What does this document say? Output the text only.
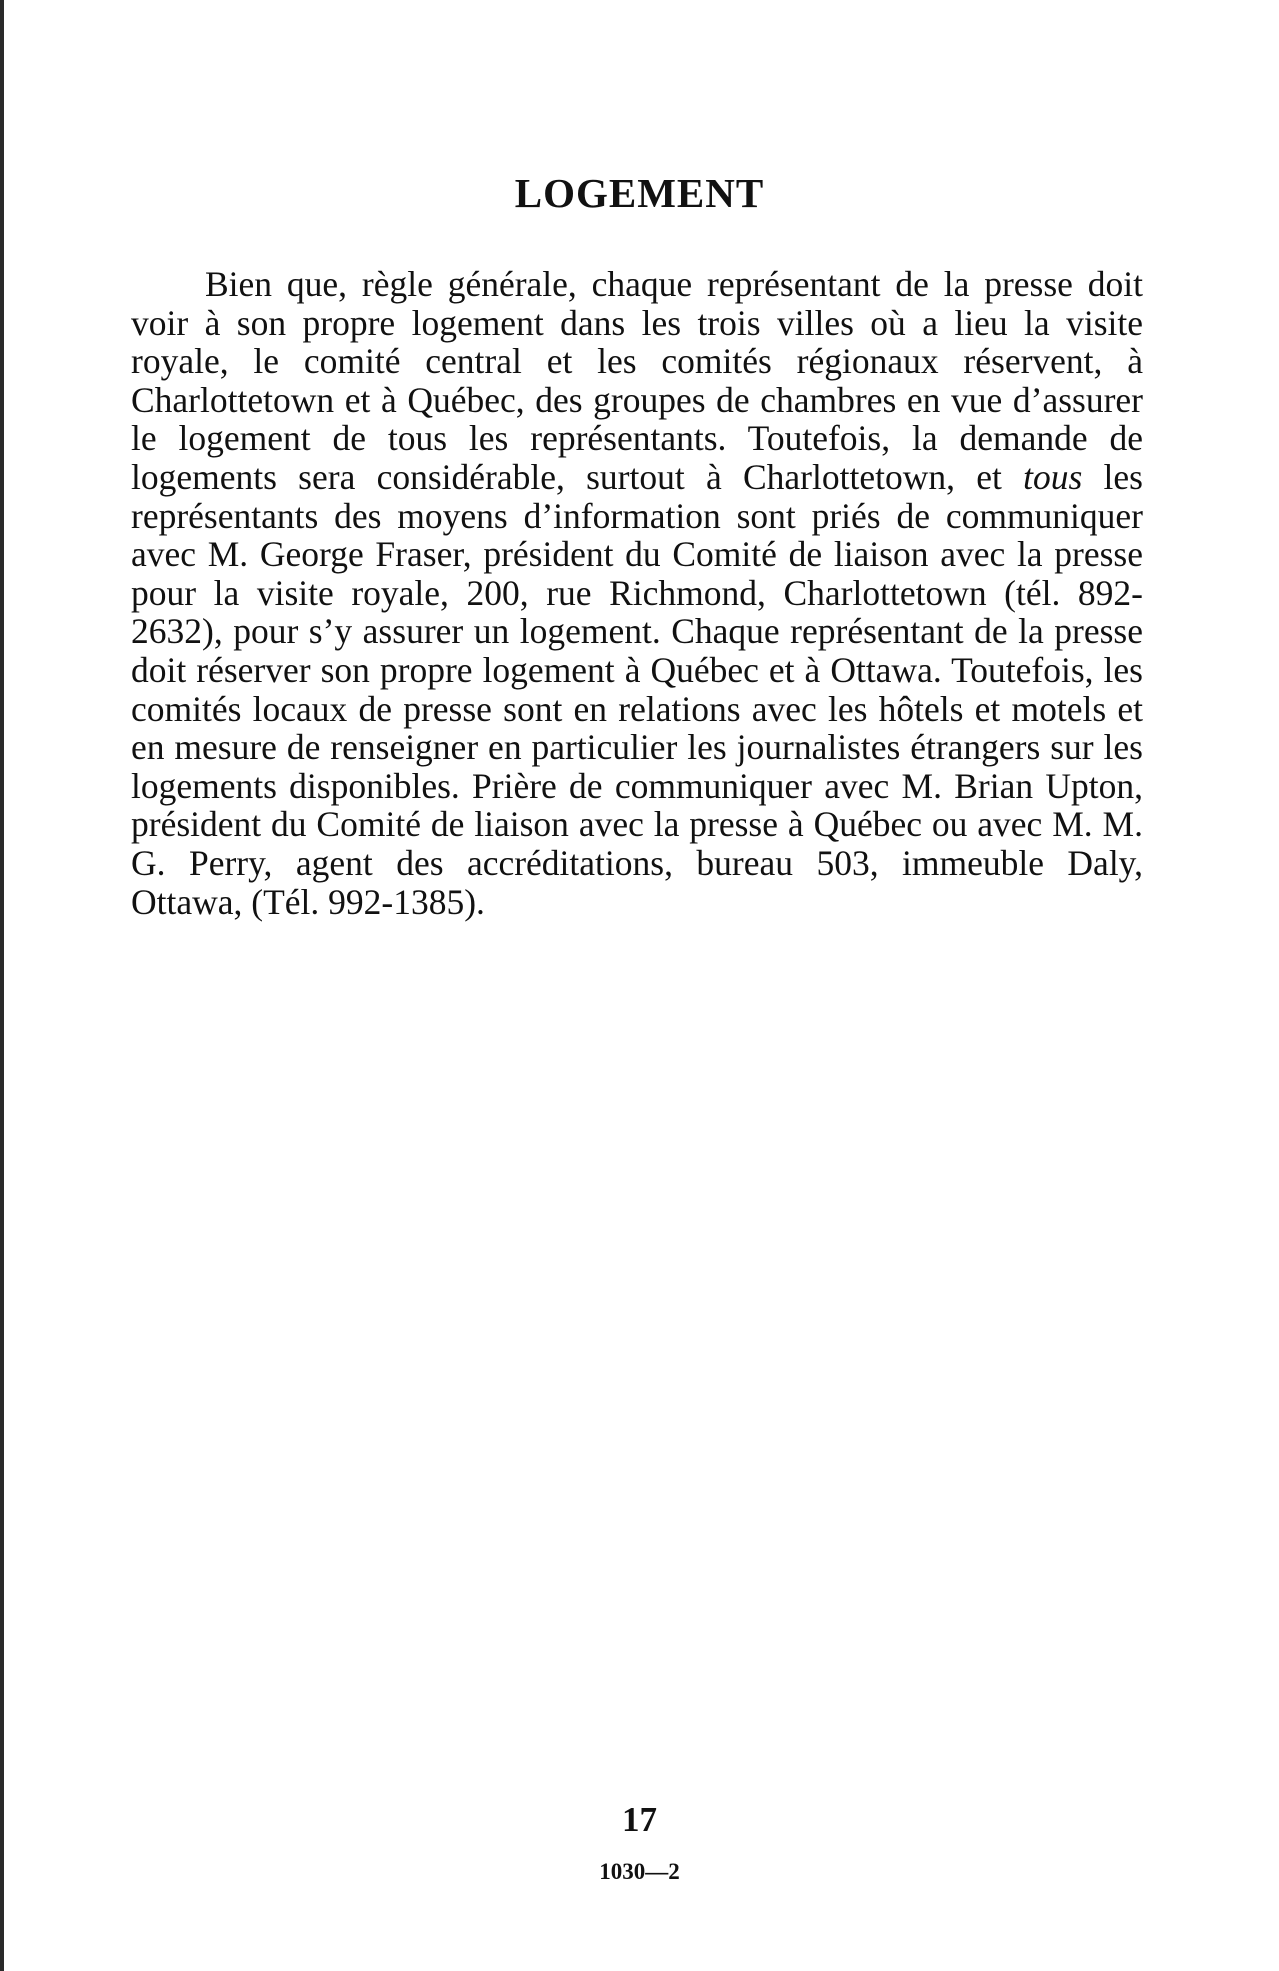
LOGEMENT

Bien que, règle générale, chaque représentant de la presse doit voir à son propre logement dans les trois villes où a lieu la visite royale, le comité central et les comités régionaux réservent, à Charlottetown et à Québec, des groupes de chambres en vue d’assurer le logement de tous les représentants. Toutefois, la demande de logements sera considérable, surtout à Charlottetown, et tous les représentants des moyens d’information sont priés de communiquer avec M. George Fraser, président du Comité de liaison avec la presse pour la visite royale, 200, rue Richmond, Charlottetown (tél. 892-2632), pour s’y assurer un logement. Chaque représentant de la presse doit réserver son propre logement à Québec et à Ottawa. Toutefois, les comités locaux de presse sont en relations avec les hôtels et motels et en mesure de renseigner en particulier les journalistes étrangers sur les logements disponibles. Prière de communiquer avec M. Brian Upton, président du Comité de liaison avec la presse à Québec ou avec M. M. G. Perry, agent des accréditations, bureau 503, immeuble Daly, Ottawa, (Tél. 992-1385).

17
1030—2
